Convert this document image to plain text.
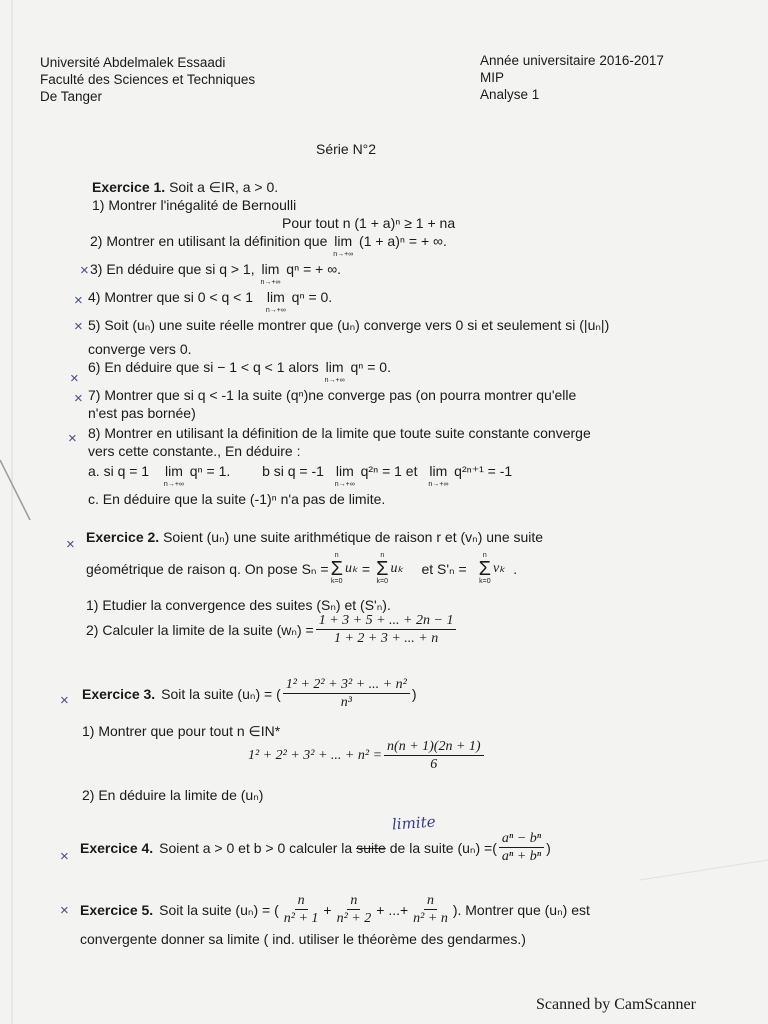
Université Abdelmalek Essaadi
Faculté des Sciences et Techniques
De Tanger
Année universitaire 2016-2017
MIP
Analyse 1
Série N°2
Exercice 1. Soit a ∈IR, a > 0.
1) Montrer l'inégalité de Bernoulli
Pour tout n (1 + a)ⁿ ≥ 1 + na
2) Montrer en utilisant la définition que lim
n→+∞
(1 + a)ⁿ = + ∞.
3) En déduire que si q > 1, lim
n→+∞
qⁿ = + ∞.
4) Montrer que si 0 < q < 1 lim
n→+∞
qⁿ = 0.
5) Soit (uₙ) une suite réelle montrer que (uₙ) converge vers 0 si et seulement si (|uₙ|)
converge vers 0.
6) En déduire que si − 1 < q < 1 alors lim
n→+∞
qⁿ = 0.
7) Montrer que si q < -1 la suite (qⁿ)ne converge pas (on pourra montrer qu'elle
n'est pas bornée)
8) Montrer en utilisant la définition de la limite que toute suite constante converge
vers cette constante., En déduire :
a. si q = 1 lim
n→+∞
qⁿ = 1. b si q = -1 lim
n→+∞
q²ⁿ = 1 et lim
n→+∞
q²ⁿ⁺¹ = -1
c. En déduire que la suite (-1)ⁿ n'a pas de limite.
Exercice 2. Soient (uₙ) une suite arithmétique de raison r et (vₙ) une suite
géométrique de raison q. On pose Sₙ =
n
Σ
k=0
uₖ =
n
Σ
k=0
uₖ et S'ₙ =
n
Σ
k=0
vₖ .
1) Etudier la convergence des suites (Sₙ) et (S'ₙ).
2) Calculer la limite de la suite $(w_n) = \frac{1 + 3 + 5 + ... + 2n - 1}{1 + 2 + 3 + ... + n}$
Exercice 3. Soit la suite (uₙ) = ( $\frac{\text{1² + 2² + 3² + ... + n²}}{\text{n³}}$ )
1) Montrer que pour tout n ∈IN*
1² + 2² + 3² + ... + $n^2 = \frac{n(n + 1)(2n + 1)}{6}$
2) En déduire la limite de (uₙ)
limite
Exercice 4. Soient a > 0 et b > 0 calculer la suite de la suite (uₙ) =( $\frac{\text{aⁿ − bⁿ}}{\text{aⁿ + bⁿ}}$ )
Exercice 5. Soit la suite (uₙ) = ( $\frac{n}{\text{n² + 1}} + \frac{n}{\text{n² + 2}}$ + ...+ $\frac{n}{\text{n² + n}}$ ). Montrer que (uₙ) est
convergente donner sa limite ( ind. utiliser le théorème des gendarmes.)
×
×
×
×
×
×
×
×
×
×
Scanned by CamScanner
